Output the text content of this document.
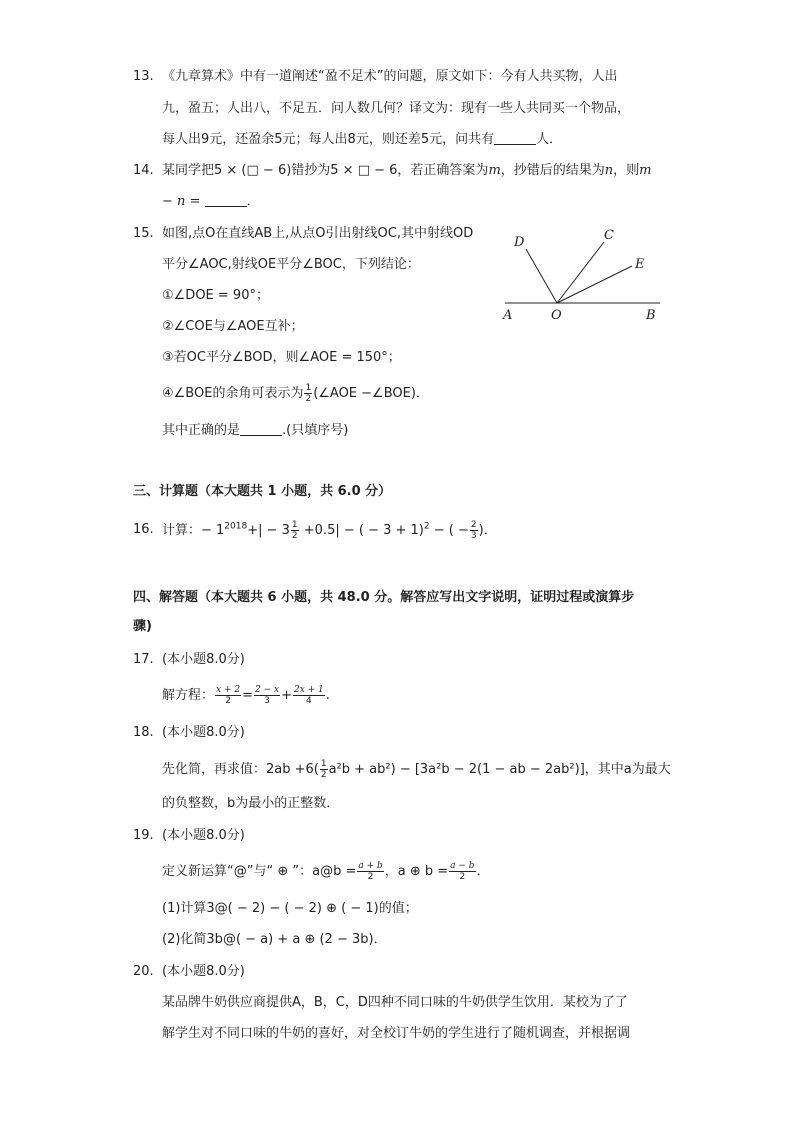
13. 《九章算术》中有一道阐述“盈不足术”的问题，原文如下：今有人共买物，人出
九，盈五；人出八，不足五．问人数几何？译文为：现有一些人共同买一个物品，
每人出9元，还盈余5元；每人出8元，则还差5元，问共有	人．
14. 某同学把5 × (□ − 6)错抄为5 × □ − 6，若正确答案为m，抄错后的结果为n，则m
− n =	．
15. 如图,点O在直线AB上,从点O引出射线OC,其中射线OD
平分∠AOC,射线OE平分∠BOC，下列结论：
①∠DOE = 90°；
②∠COE与∠AOE互补；
③若OC平分∠BOD，则∠AOE = 150°；
④∠BOE的余角可表示为 $\frac{1}{2}$ (∠AOE −∠BOE)．
其中正确的是	.(只填序号)
D	C
E
A	O	B
三、计算题（本大题共 1 小题，共 6.0 分）
16. 计算：− $1^{2018}+| - 3 \frac{1}{2} +0.5|$ − ( − 3 + 1)$^2$ − ( − $\frac{2}{3}$ )．
四、解答题（本大题共 6 小题，共 48.0 分。解答应写出文字说明，证明过程或演算步
骤)
17. (本小题8.0分)
解方程： $\frac{x + 2}{2} = \frac{2 - x}{3} + \frac{2x + 1}{4}$ .
18. (本小题8.0分)
先化简，再求值：$2ab +6( \frac{1}{2} a^2b + ab^2) - [3a^2b - 2(1$ − ab − 2ab²)]，其中a为最大
的负整数，b为最小的正整数．
19. (本小题8.0分)
定义新运算“@”与“ ⊕ ”：a@b = $\frac{a + b}{2}$ ，a ⊕ $b = \frac{a - b}{2}$ ．
(1)计算3@( − 2) − ( − 2) ⊕ ( − 1)的值；
(2)化简3b@( − a) + a ⊕ (2 − 3b)．
20. (本小题8.0分)
某品牌牛奶供应商提供A，B，C，D四种不同口味的牛奶供学生饮用．某校为了了
解学生对不同口味的牛奶的喜好，对全校订牛奶的学生进行了随机调查，并根据调
